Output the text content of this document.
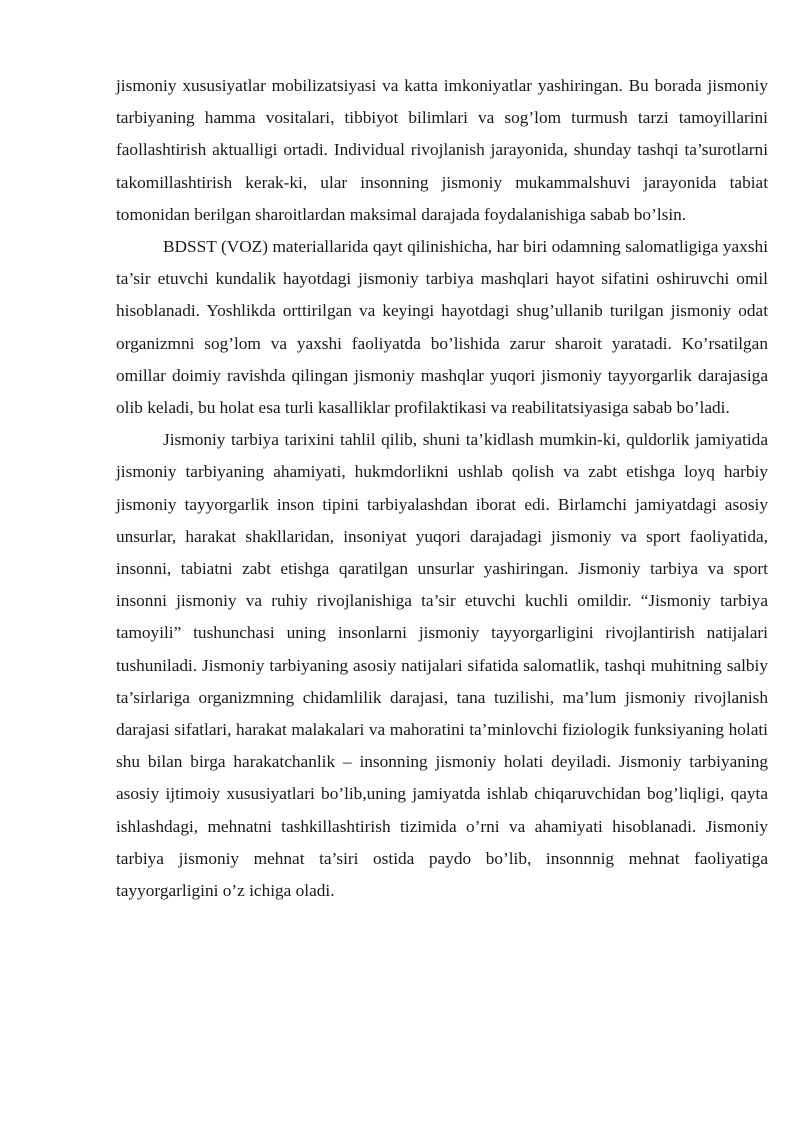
jismoniy xususiyatlar mobilizatsiyasi va katta imkoniyatlar yashiringan. Bu borada jismoniy tarbiyaning hamma vositalari, tibbiyot bilimlari va sog’lom turmush tarzi tamoyillarini faollashtirish aktualligi ortadi. Individual rivojlanish jarayonida, shunday tashqi ta’surotlarni takomillashtirish kerak-ki, ular insonning jismoniy mukammalshuvi jarayonida tabiat tomonidan berilgan sharoitlardan maksimal darajada foydalanishiga sabab bo’lsin.

BDSST (VOZ) materiallarida qayt qilinishicha, har biri odamning salomatligiga yaxshi ta’sir etuvchi kundalik hayotdagi jismoniy tarbiya mashqlari hayot sifatini oshiruvchi omil hisoblanadi. Yoshlikda orttirilgan va keyingi hayotdagi shug’ullanib turilgan jismoniy odat organizmni sog’lom va yaxshi faoliyatda bo’lishida zarur sharoit yaratadi. Ko’rsatilgan omillar doimiy ravishda qilingan jismoniy mashqlar yuqori jismoniy tayyorgarlik darajasiga olib keladi, bu holat esa turli kasalliklar profilaktikasi va reabilitatsiyasiga sabab bo’ladi.

Jismoniy tarbiya tarixini tahlil qilib, shuni ta’kidlash mumkin-ki, quldorlik jamiyatida jismoniy tarbiyaning ahamiyati, hukmdorlikni ushlab qolish va zabt etishga loyq harbiy jismoniy tayyorgarlik inson tipini tarbiyalashdan iborat edi. Birlamchi jamiyatdagi asosiy unsurlar, harakat shakllaridan, insoniyat yuqori darajadagi jismoniy va sport faoliyatida, insonni, tabiatni zabt etishga qaratilgan unsurlar yashiringan. Jismoniy tarbiya va sport insonni jismoniy va ruhiy rivojlanishiga ta’sir etuvchi kuchli omildir. “Jismoniy tarbiya tamoyili” tushunchasi uning insonlarni jismoniy tayyorgarligini rivojlantirish natijalari tushuniladi. Jismoniy tarbiyaning asosiy natijalari sifatida salomatlik, tashqi muhitning salbiy ta’sirlariga organizmning chidamlilik darajasi, tana tuzilishi, ma’lum jismoniy rivojlanish darajasi sifatlari, harakat malakalari va mahoratini ta’minlovchi fiziologik funksiyaning holati shu bilan birga harakatchanlik – insonning jismoniy holati deyiladi. Jismoniy tarbiyaning asosiy ijtimoiy xususiyatlari bo’lib,uning jamiyatda ishlab chiqaruvchidan bog’liqligi, qayta ishlashdagi, mehnatni tashkillashtirish tizimida o’rni va ahamiyati hisoblanadi. Jismoniy tarbiya jismoniy mehnat ta’siri ostida paydo bo’lib, insonnnig mehnat faoliyatiga tayyorgarligini o’z ichiga oladi.
